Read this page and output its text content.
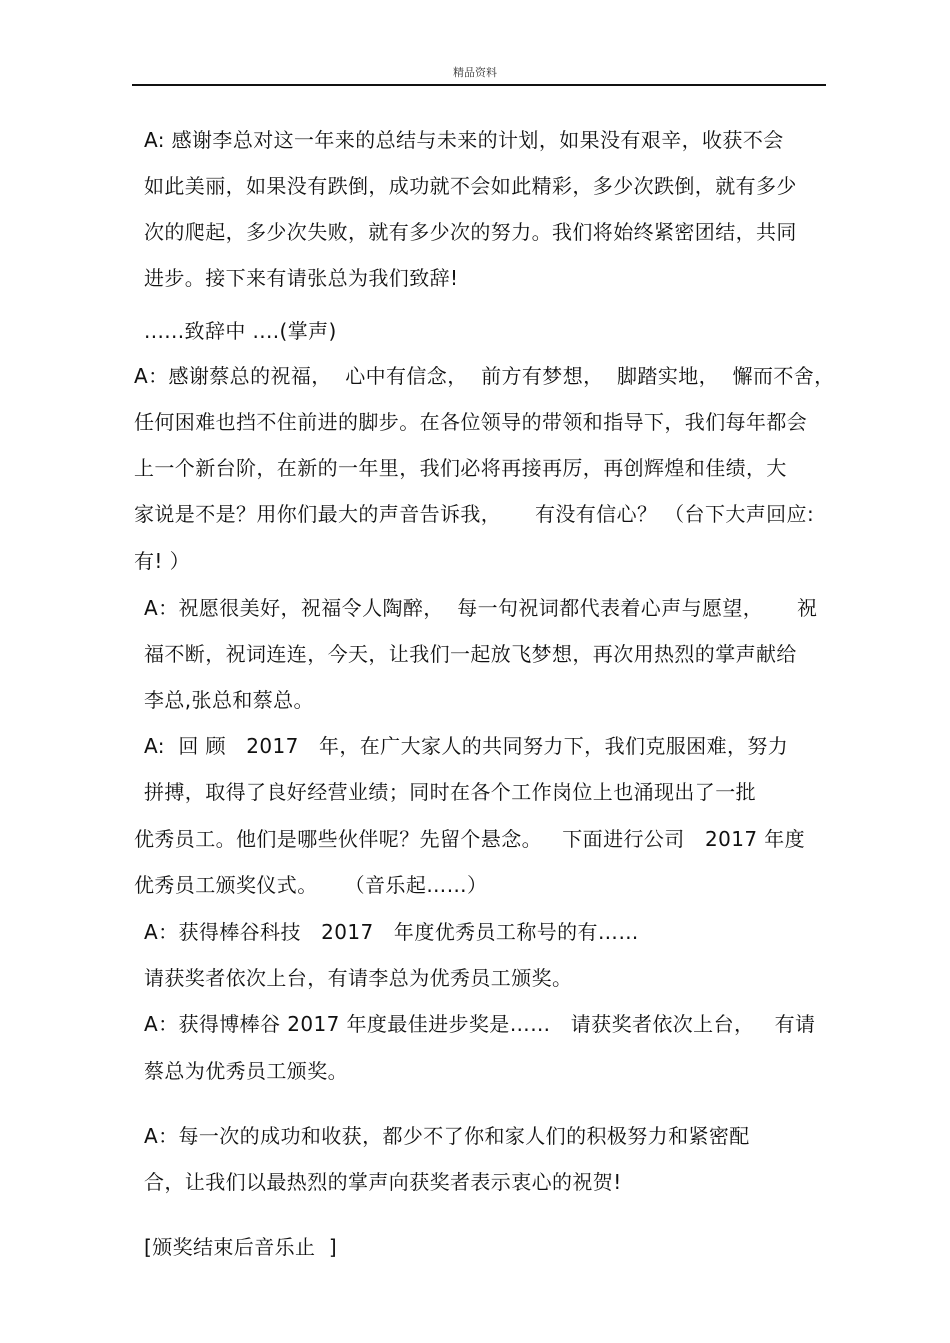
精品资料
A: 感谢李总对这一年来的总结与未来的计划，如果没有艰辛，收获不会
如此美丽，如果没有跌倒，成功就不会如此精彩，多少次跌倒，就有多少
次的爬起，多少次失败，就有多少次的努力。我们将始终紧密团结，共同
进步。接下来有请张总为我们致辞!
......致辞中 ....(掌声)
A：感谢蔡总的祝福，  心中有信念，  前方有梦想，  脚踏实地，  懈而不舍，
任何困难也挡不住前进的脚步。在各位领导的带领和指导下，我们每年都会
上一个新台阶，在新的一年里，我们必将再接再厉，再创辉煌和佳绩，大
家说是不是？用你们最大的声音告诉我，     有没有信心？ （台下大声回应:
有! ）
A：祝愿很美好，祝福令人陶醉，  每一句祝词都代表着心声与愿望，     祝
福不断，祝词连连，今天，让我们一起放飞梦想，再次用热烈的掌声献给
李总,张总和蔡总。
A:  回 顾   2017   年，在广大家人的共同努力下，我们克服困难，努力
拼搏，取得了良好经营业绩；同时在各个工作岗位上也涌现出了一批
优秀员工。他们是哪些伙伴呢？先留个悬念。   下面进行公司   2017 年度
优秀员工颁奖仪式。    （音乐起……）
A：获得棒谷科技   2017   年度优秀员工称号的有……
请获奖者依次上台，有请李总为优秀员工颁奖。
A：获得博棒谷 2017 年度最佳进步奖是……   请获奖者依次上台，   有请
蔡总为优秀员工颁奖。
A：每一次的成功和收获，都少不了你和家人们的积极努力和紧密配
合，让我们以最热烈的掌声向获奖者表示衷心的祝贺!
[颁奖结束后音乐止  ]
